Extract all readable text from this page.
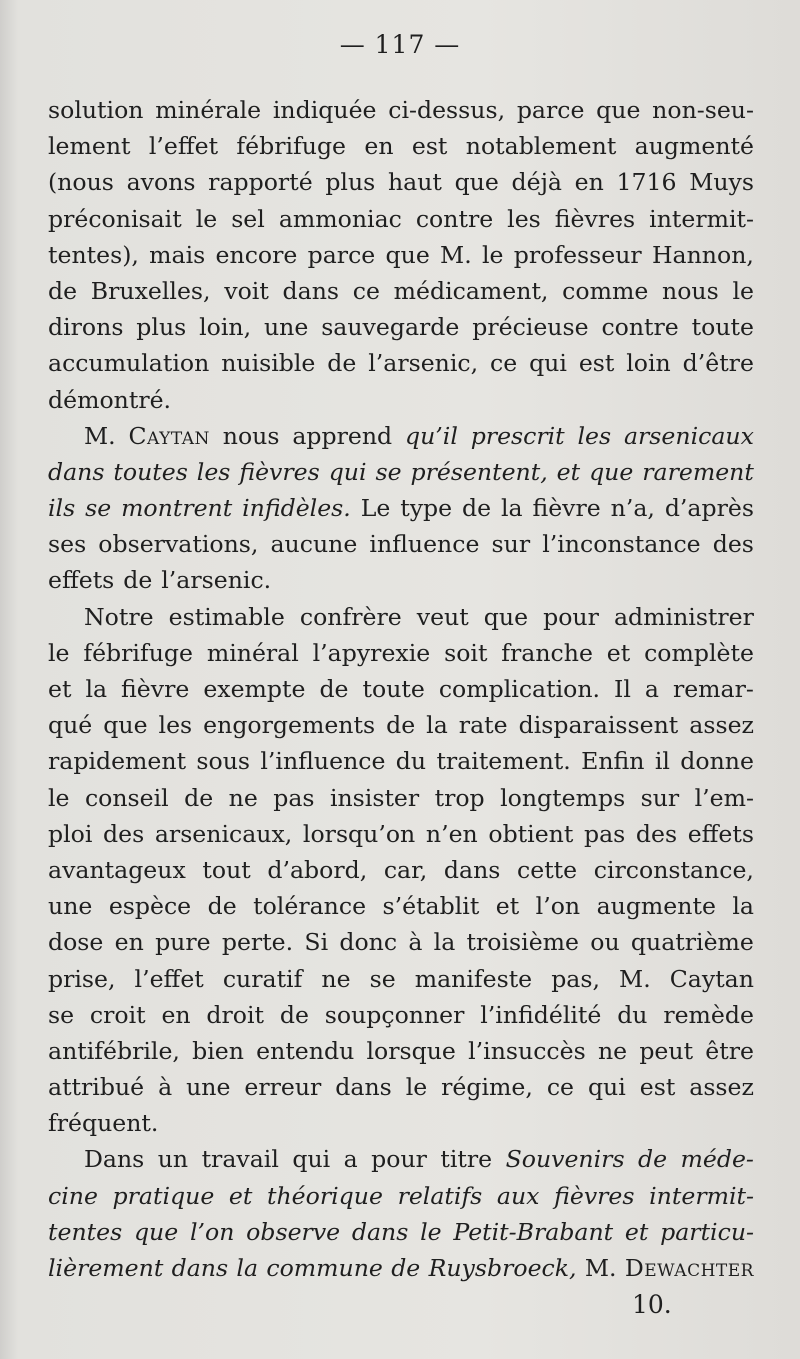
— 117 —
solution minérale indiquée ci-dessus, parce que non-seu-
lement l’effet fébrifuge en est notablement augmenté
(nous avons rapporté plus haut que déjà en 1716 Muys
préconisait le sel ammoniac contre les fièvres intermit-
tentes), mais encore parce que M. le professeur Hannon,
de Bruxelles, voit dans ce médicament, comme nous le
dirons plus loin, une sauvegarde précieuse contre toute
accumulation nuisible de l’arsenic, ce qui est loin d’être
démontré.
M. Caytan nous apprend qu’il prescrit les arsenicaux
dans toutes les fièvres qui se présentent, et que rarement
ils se montrent infidèles. Le type de la fièvre n’a, d’après
ses observations, aucune influence sur l’inconstance des
effets de l’arsenic.
Notre estimable confrère veut que pour administrer
le fébrifuge minéral l’apyrexie soit franche et complète
et la fièvre exempte de toute complication. Il a remar-
qué que les engorgements de la rate disparaissent assez
rapidement sous l’influence du traitement. Enfin il donne
le conseil de ne pas insister trop longtemps sur l’em-
ploi des arsenicaux, lorsqu’on n’en obtient pas des effets
avantageux tout d’abord, car, dans cette circonstance,
une espèce de tolérance s’établit et l’on augmente la
dose en pure perte. Si donc à la troisième ou quatrième
prise, l’effet curatif ne se manifeste pas, M. Caytan
se croit en droit de soupçonner l’infidélité du remède
antifébrile, bien entendu lorsque l’insuccès ne peut être
attribué à une erreur dans le régime, ce qui est assez
fréquent.
Dans un travail qui a pour titre Souvenirs de méde-
cine pratique et théorique relatifs aux fièvres intermit-
tentes que l’on observe dans le Petit-Brabant et particu-
lièrement dans la commune de Ruysbroeck, M. Dewachter
10.
